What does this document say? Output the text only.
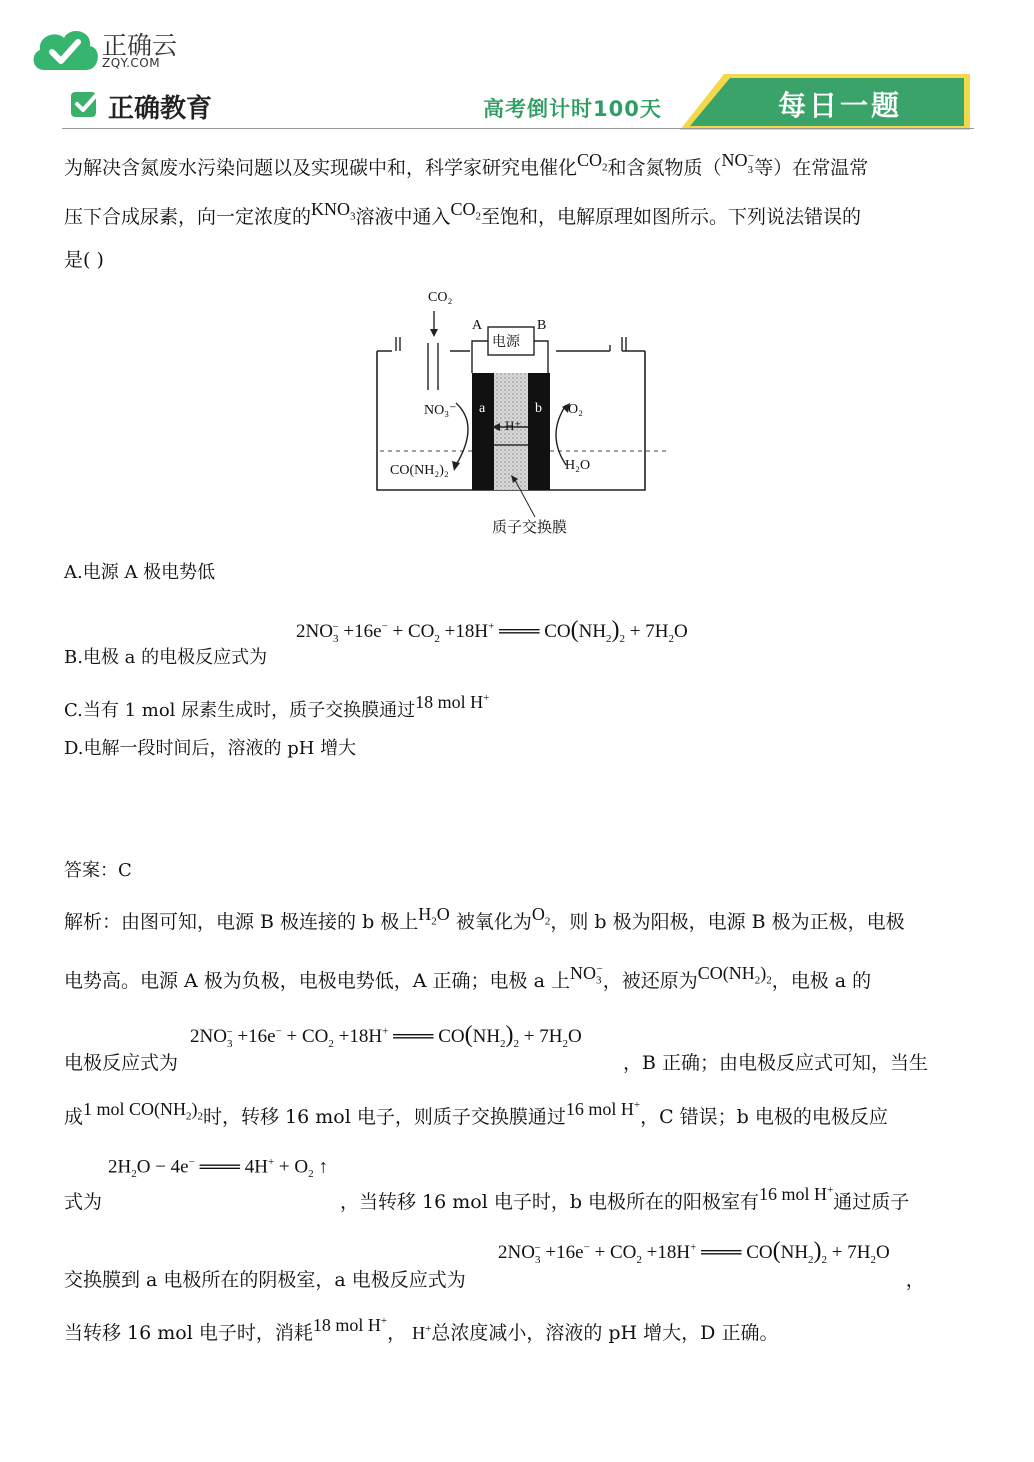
正确云
ZQY.COM
正确教育	高考倒计时100天	每日一题
为解决含氮废水污染问题以及实现碳中和，科学家研究电催化$CO_2$和含氮物质（$NO_3^-$等）在常温常
压下合成尿素，向一定浓度的$KNO_3$溶液中通入$CO_2$至饱和，电解原理如图所示。下列说法错误的
是( )
CO₂
A	B
电源
NO₃⁻ a	b O₂
H⁺
CO(NH₂)₂	H₂O
质子交换膜
A.电源 A 极电势低
$2NO_3^- +16e^- + CO_2 +18H^+$ ═══ $CO(NH_2)_2 + 7H_2O$
B.电极 a 的电极反应式为
C.当有 1 mol 尿素生成时，质子交换膜通过18 mol H+
D.电解一段时间后，溶液的 pH 增大
答案：C
解析：由图可知，电源 B 极连接的 b 极上$H_2O$ 被氧化为$O_2$，则 b 极为阳极，电源 B 极为正极，电极
电势高。电源 A 极为负极，电极电势低，A 正确；电极 a 上$NO_3^-$，被还原为$CO(NH_2)_2$，电极 a 的
$2NO_3^- +16e^- + CO_2 +18H^+$ ═══ $CO(NH_2)_2 + 7H_2O$
电极反应式为	，B 正确；由电极反应式可知，当生
成1 mol $CO(NH_2)_2$时，转移 16 mol 电子，则质子交换膜通过16 mol H+，C 错误；b 电极的电极反应
$2H_2O - 4e^-$ ═══ $4H^+ + O_2$ ↑
式为	，当转移 16 mol 电子时，b 电极所在的阳极室有16 mol H+通过质子
$2NO_3^- +16e^- + CO_2 +18H^+$ ═══ $CO(NH_2)_2 + 7H_2O$
交换膜到 a 电极所在的阴极室，a 电极反应式为	，
当转移 16 mol 电子时，消耗18 mol H+， H+总浓度减小，溶液的 pH 增大，D 正确。
